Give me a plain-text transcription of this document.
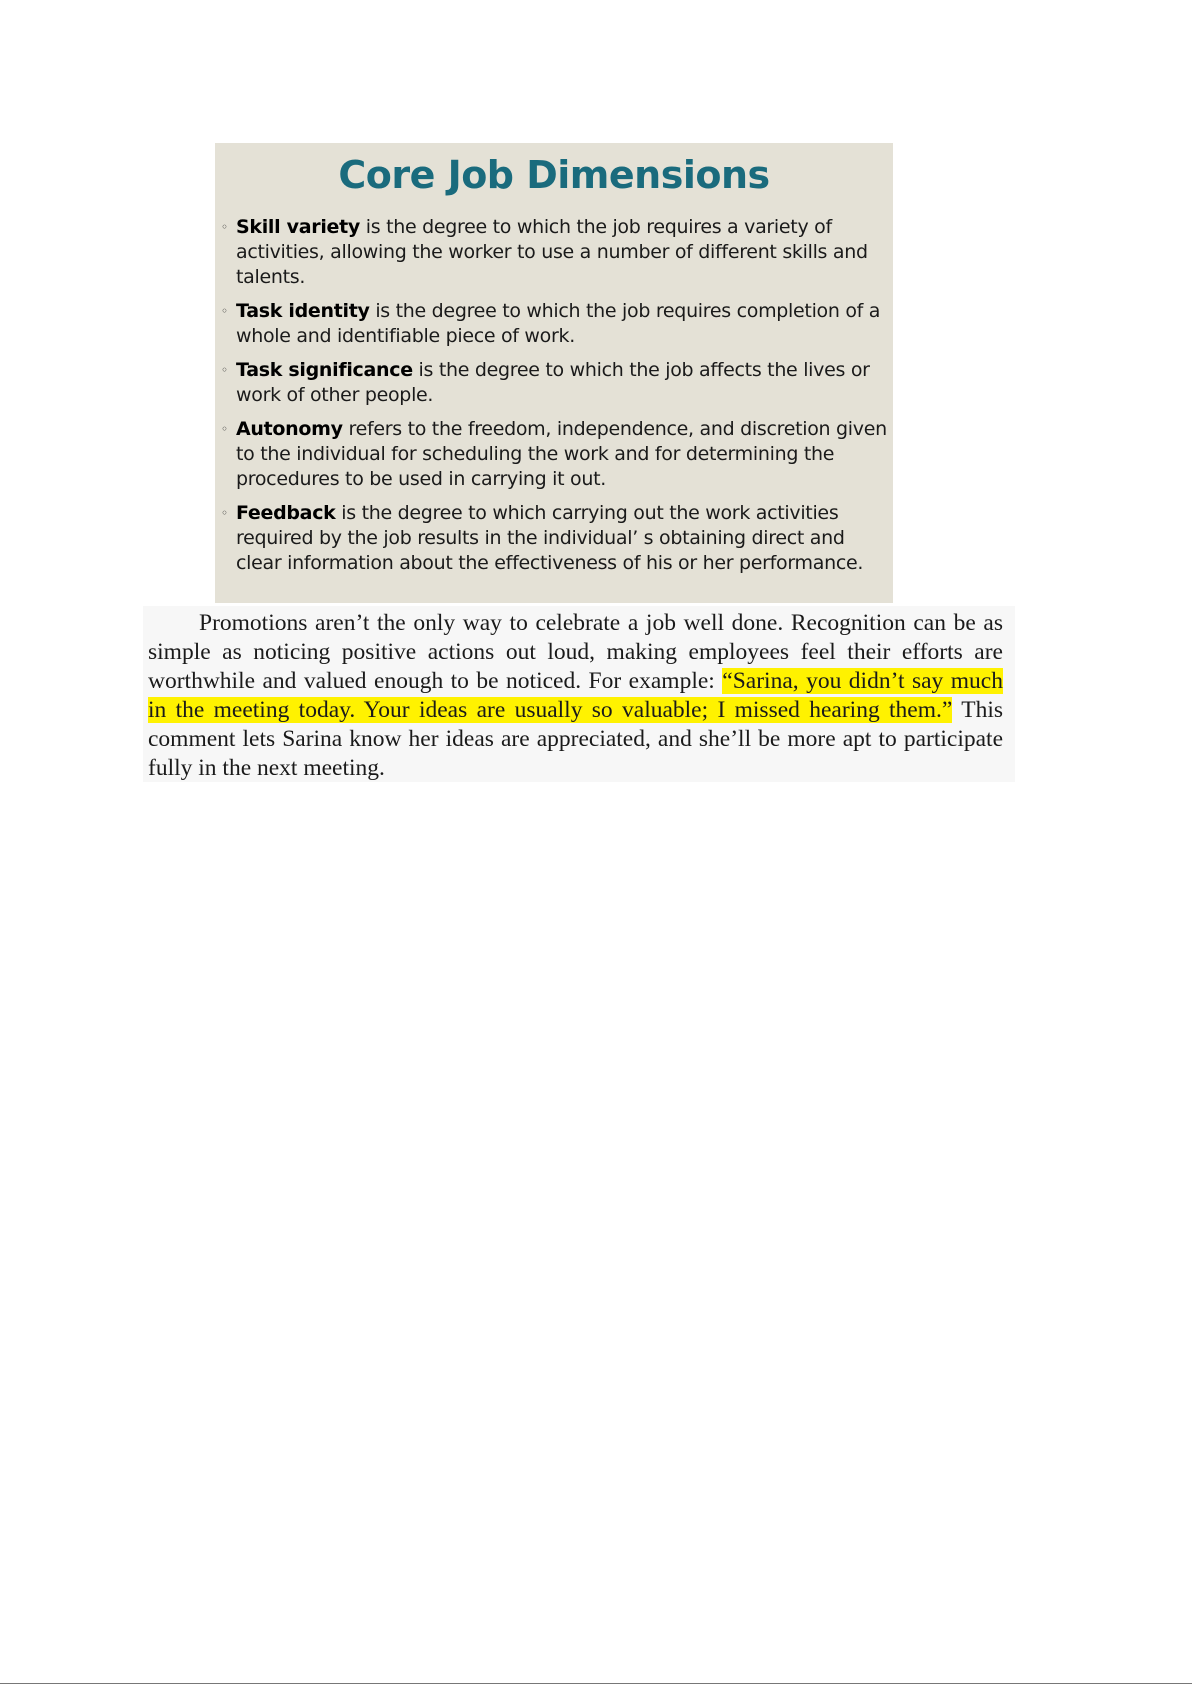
Core Job Dimensions
◦ Skill variety is the degree to which the job requires a variety of activities, allowing the worker to use a number of different skills and talents.
◦ Task identity is the degree to which the job requires completion of a whole and identifiable piece of work.
◦ Task significance is the degree to which the job affects the lives or work of other people.
◦ Autonomy refers to the freedom, independence, and discretion given to the individual for scheduling the work and for determining the procedures to be used in carrying it out.
◦ Feedback is the degree to which carrying out the work activities required by the job results in the individual’ s obtaining direct and clear information about the effectiveness of his or her performance.

Promotions aren’t the only way to celebrate a job well done. Recognition can be as simple as noticing positive actions out loud, making employees feel their efforts are worthwhile and valued enough to be noticed. For example: “Sarina, you didn’t say much in the meeting today. Your ideas are usually so valuable; I missed hearing them.” This comment lets Sarina know her ideas are appreciated, and she’ll be more apt to participate fully in the next meeting.
